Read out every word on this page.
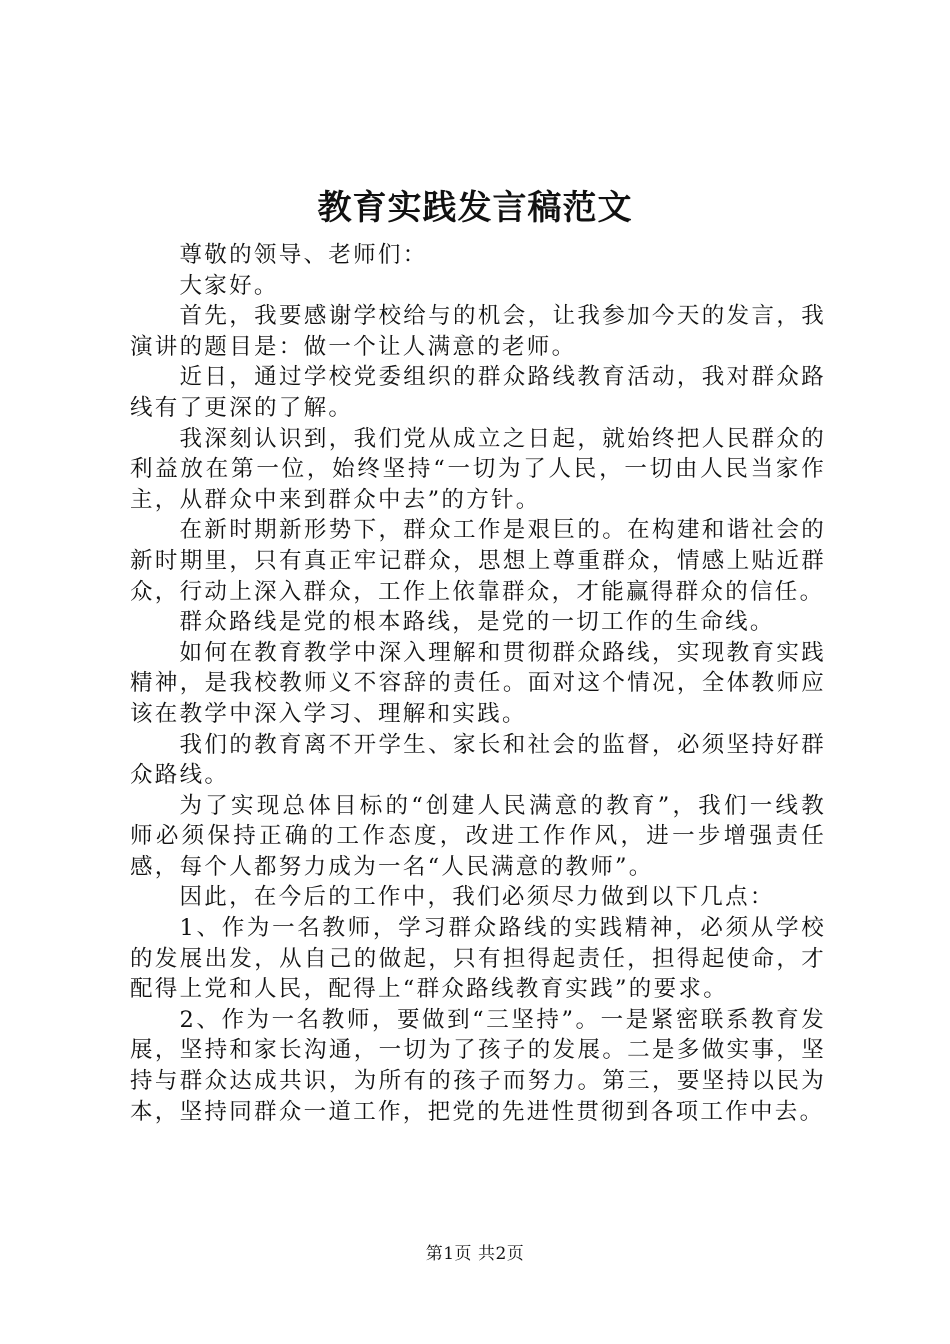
教育实践发言稿范文

尊敬的领导、老师们：

大家好。

首先，我要感谢学校给与的机会，让我参加今天的发言，我演讲的题目是：做一个让人满意的老师。

近日，通过学校党委组织的群众路线教育活动，我对群众路线有了更深的了解。

我深刻认识到，我们党从成立之日起，就始终把人民群众的利益放在第一位，始终坚持“一切为了人民，一切由人民当家作主，从群众中来到群众中去”的方针。

在新时期新形势下，群众工作是艰巨的。在构建和谐社会的新时期里，只有真正牢记群众，思想上尊重群众，情感上贴近群众，行动上深入群众，工作上依靠群众，才能赢得群众的信任。

群众路线是党的根本路线，是党的一切工作的生命线。

如何在教育教学中深入理解和贯彻群众路线，实现教育实践精神，是我校教师义不容辞的责任。面对这个情况，全体教师应该在教学中深入学习、理解和实践。

我们的教育离不开学生、家长和社会的监督，必须坚持好群众路线。

为了实现总体目标的“创建人民满意的教育”，我们一线教师必须保持正确的工作态度，改进工作作风，进一步增强责任感，每个人都努力成为一名“人民满意的教师”。

因此，在今后的工作中，我们必须尽力做到以下几点：

1、作为一名教师，学习群众路线的实践精神，必须从学校的发展出发，从自己的做起，只有担得起责任，担得起使命，才配得上党和人民，配得上“群众路线教育实践”的要求。

2、作为一名教师，要做到“三坚持”。一是紧密联系教育发展，坚持和家长沟通，一切为了孩子的发展。二是多做实事，坚持与群众达成共识，为所有的孩子而努力。第三，要坚持以民为本，坚持同群众一道工作，把党的先进性贯彻到各项工作中去。

第1页 共2页
